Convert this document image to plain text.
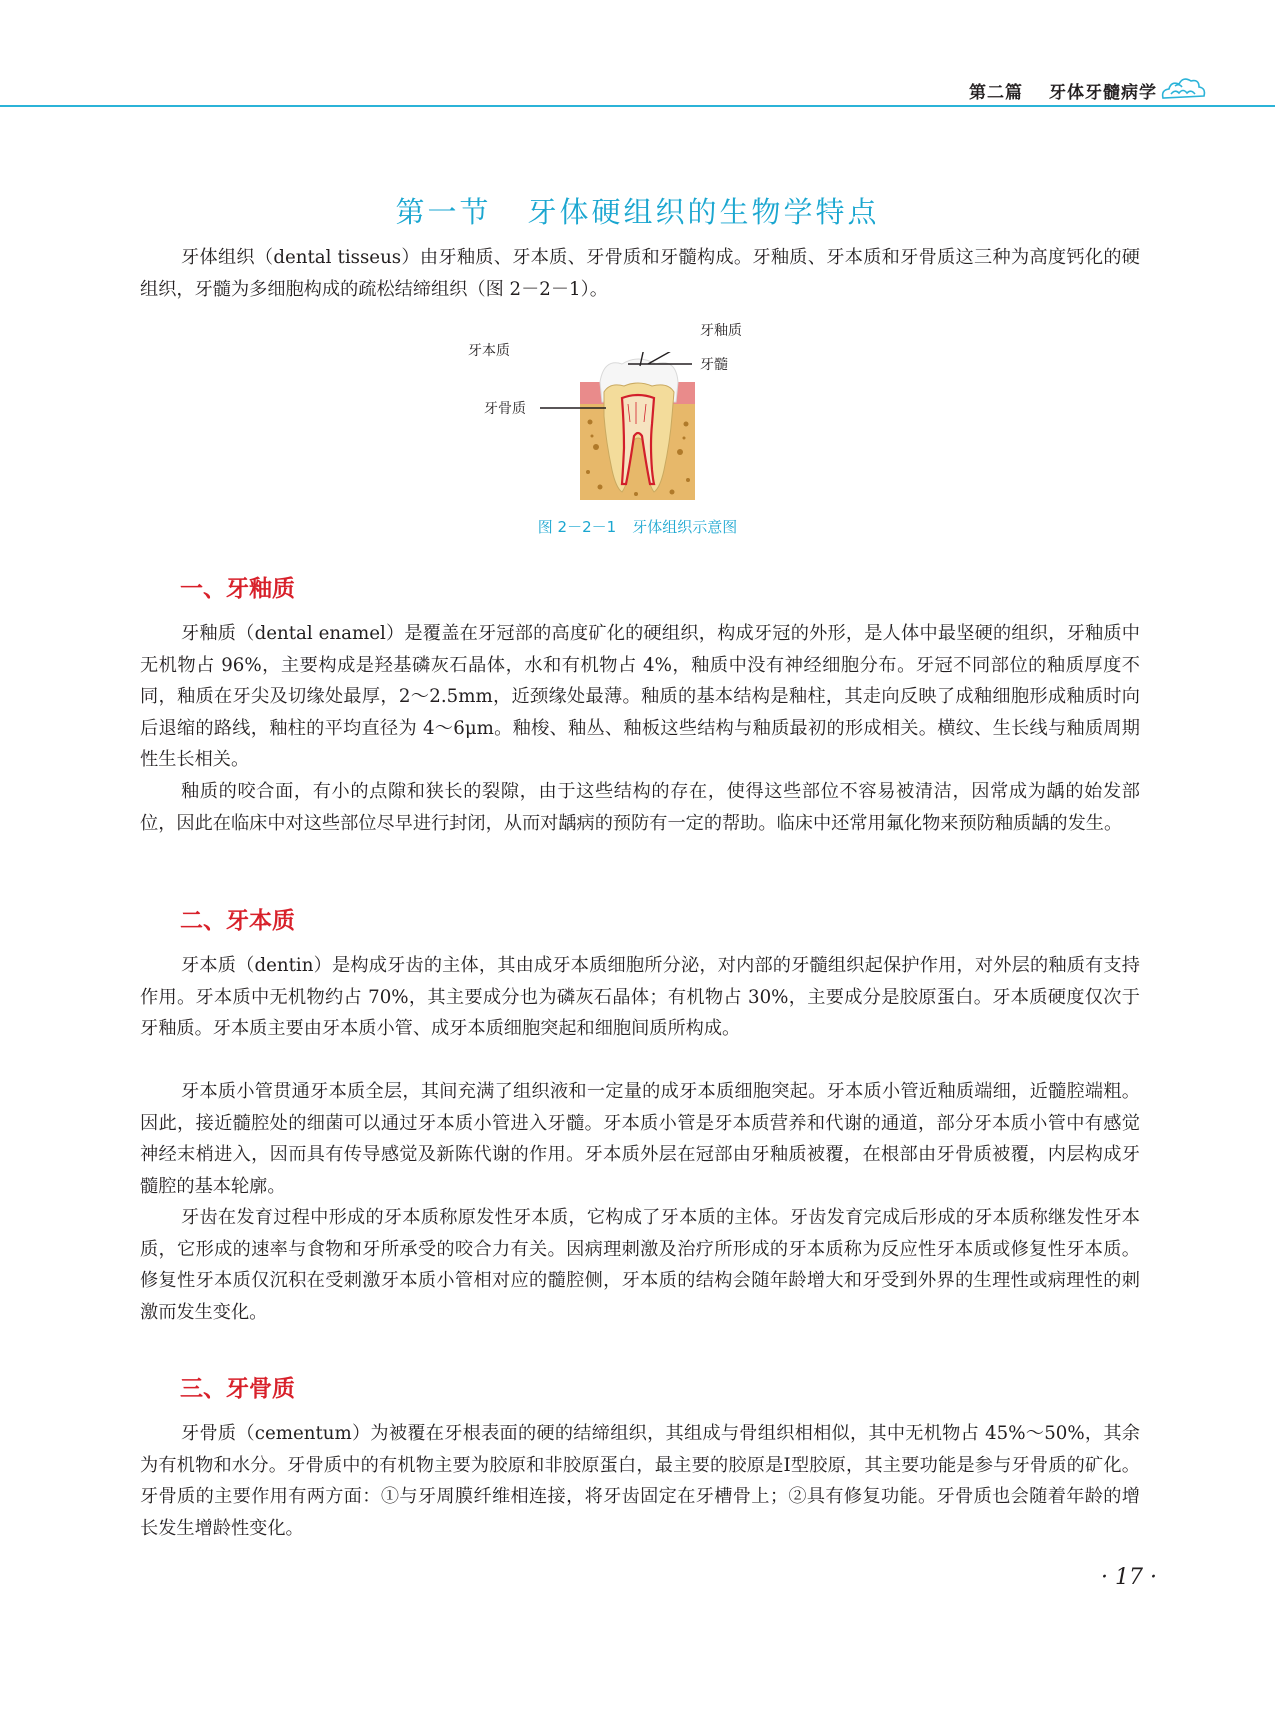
第二篇 牙体牙髓病学
第一节 牙体硬组织的生物学特点

牙体组织（dental tisseus）由牙釉质、牙本质、牙骨质和牙髓构成。牙釉质、牙本质和牙骨质这三种为高度钙化的硬组织，牙髓为多细胞构成的疏松结缔组织（图 2－2－1）。

牙釉质
牙本质
牙髓
牙骨质
图 2－2－1 牙体组织示意图
一、牙釉质

牙釉质（dental enamel）是覆盖在牙冠部的高度矿化的硬组织，构成牙冠的外形，是人体中最坚硬的组织，牙釉质中无机物占 96%，主要构成是羟基磷灰石晶体，水和有机物占 4%，釉质中没有神经细胞分布。牙冠不同部位的釉质厚度不同，釉质在牙尖及切缘处最厚，2～2.5mm，近颈缘处最薄。釉质的基本结构是釉柱，其走向反映了成釉细胞形成釉质时向后退缩的路线，釉柱的平均直径为 4～6μm。釉梭、釉丛、釉板这些结构与釉质最初的形成相关。横纹、生长线与釉质周期性生长相关。

釉质的咬合面，有小的点隙和狭长的裂隙，由于这些结构的存在，使得这些部位不容易被清洁，因常成为龋的始发部位，因此在临床中对这些部位尽早进行封闭，从而对龋病的预防有一定的帮助。临床中还常用氟化物来预防釉质龋的发生。

二、牙本质

牙本质（dentin）是构成牙齿的主体，其由成牙本质细胞所分泌，对内部的牙髓组织起保护作用，对外层的釉质有支持作用。牙本质中无机物约占 70%，其主要成分也为磷灰石晶体；有机物占 30%，主要成分是胶原蛋白。牙本质硬度仅次于牙釉质。牙本质主要由牙本质小管、成牙本质细胞突起和细胞间质所构成。

牙本质小管贯通牙本质全层，其间充满了组织液和一定量的成牙本质细胞突起。牙本质小管近釉质端细，近髓腔端粗。因此，接近髓腔处的细菌可以通过牙本质小管进入牙髓。牙本质小管是牙本质营养和代谢的通道，部分牙本质小管中有感觉神经末梢进入，因而具有传导感觉及新陈代谢的作用。牙本质外层在冠部由牙釉质被覆，在根部由牙骨质被覆，内层构成牙髓腔的基本轮廓。

牙齿在发育过程中形成的牙本质称原发性牙本质，它构成了牙本质的主体。牙齿发育完成后形成的牙本质称继发性牙本质，它形成的速率与食物和牙所承受的咬合力有关。因病理刺激及治疗所形成的牙本质称为反应性牙本质或修复性牙本质。修复性牙本质仅沉积在受刺激牙本质小管相对应的髓腔侧，牙本质的结构会随年龄增大和牙受到外界的生理性或病理性的刺激而发生变化。

三、牙骨质

牙骨质（cementum）为被覆在牙根表面的硬的结缔组织，其组成与骨组织相相似，其中无机物占 45%～50%，其余为有机物和水分。牙骨质中的有机物主要为胶原和非胶原蛋白，最主要的胶原是Ⅰ型胶原，其主要功能是参与牙骨质的矿化。牙骨质的主要作用有两方面：①与牙周膜纤维相连接，将牙齿固定在牙槽骨上；②具有修复功能。牙骨质也会随着年龄的增长发生增龄性变化。

· 17 ·
